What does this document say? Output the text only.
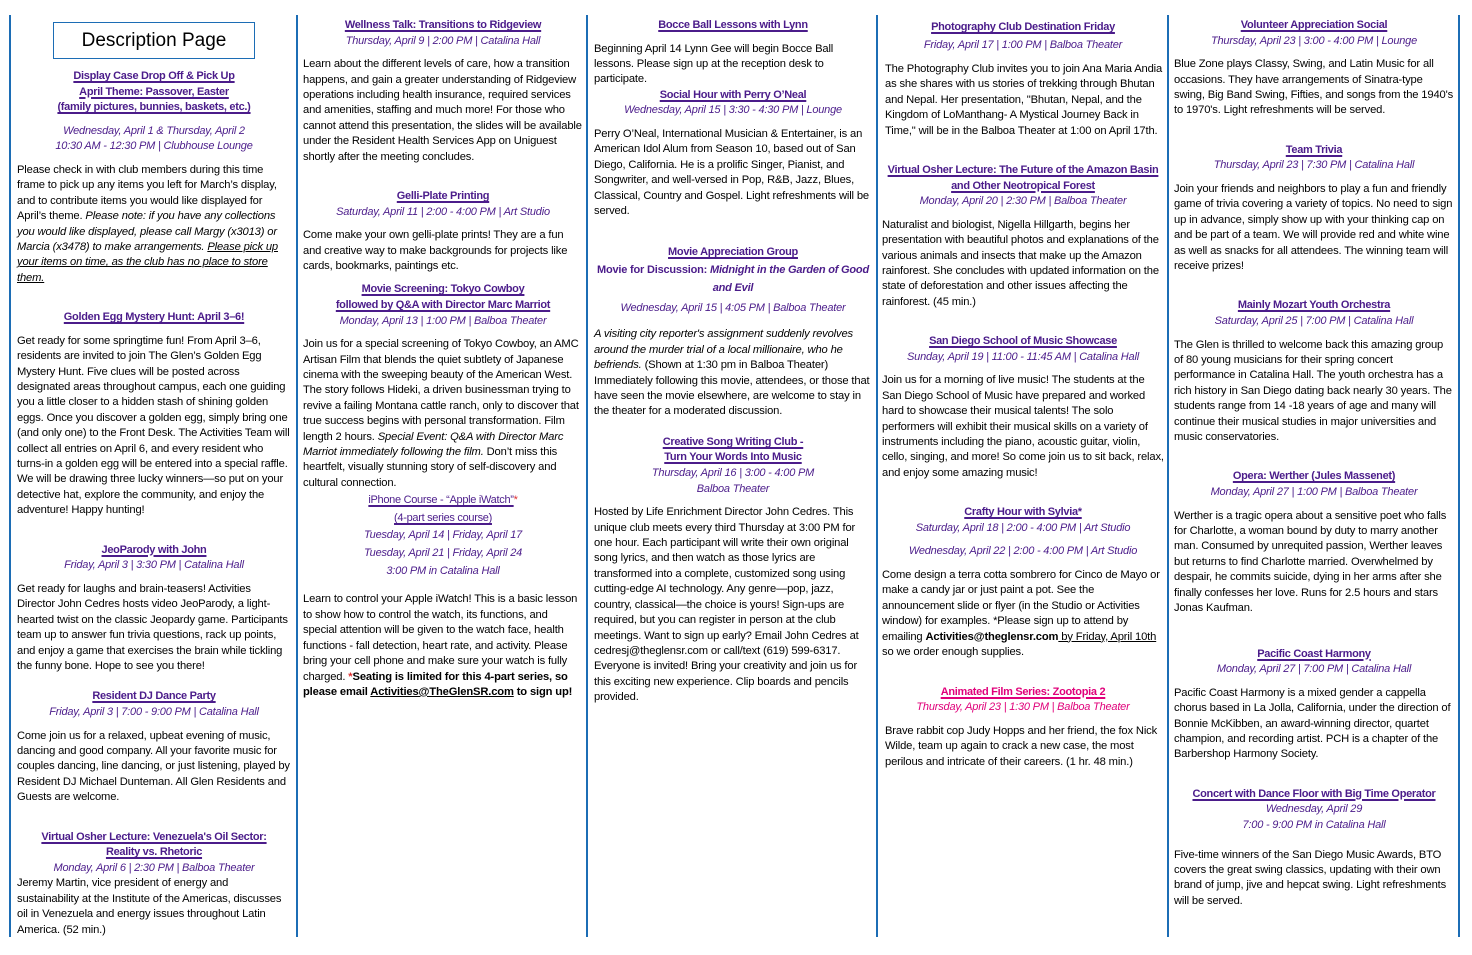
Description Page
Display Case Drop Off & Pick Up
April Theme: Passover, Easter
(family pictures, bunnies, baskets, etc.)
Wednesday, April 1 & Thursday, April 2
10:30 AM - 12:30 PM | Clubhouse Lounge
Please check in with club members during this time frame to pick up any items you left for March’s display, and to contribute items you would like displayed for April’s theme. Please note: if you have any collections you would like displayed, please call Margy (x3013) or Marcia (x3478) to make arrangements. Please pick up your items on time, as the club has no place to store them.
Golden Egg Mystery Hunt: April 3–6!
Get ready for some springtime fun! From April 3–6, residents are invited to join The Glen’s Golden Egg Mystery Hunt. Five clues will be posted across designated areas throughout campus, each one guiding you a little closer to a hidden stash of shining golden eggs. Once you discover a golden egg, simply bring one (and only one) to the Front Desk. The Activities Team will collect all entries on April 6, and every resident who turns-in a golden egg will be entered into a special raffle. We will be drawing three lucky winners—so put on your detective hat, explore the community, and enjoy the adventure! Happy hunting!
JeoParody with John
Friday, April 3 | 3:30 PM | Catalina Hall
Get ready for laughs and brain-teasers! Activities Director John Cedres hosts video JeoParody, a light-hearted twist on the classic Jeopardy game. Participants team up to answer fun trivia questions, rack up points, and enjoy a game that exercises the brain while tickling the funny bone. Hope to see you there!
Resident DJ Dance Party
Friday, April 3 | 7:00 - 9:00 PM | Catalina Hall
Come join us for a relaxed, upbeat evening of music, dancing and good company. All your favorite music for couples dancing, line dancing, or just listening, played by Resident DJ Michael Dunteman. All Glen Residents and Guests are welcome.
Virtual Osher Lecture: Venezuela's Oil Sector:
Reality vs. Rhetoric
Monday, April 6 | 2:30 PM | Balboa Theater
Jeremy Martin, vice president of energy and sustainability at the Institute of the Americas, discusses oil in Venezuela and energy issues throughout Latin America. (52 min.)
Wellness Talk: Transitions to Ridgeview
Thursday, April 9 | 2:00 PM | Catalina Hall
Learn about the different levels of care, how a transition happens, and gain a greater understanding of Ridgeview operations including health insurance, required services and amenities, staffing and much more! For those who cannot attend this presentation, the slides will be available under the Resident Health Services App on Uniguest shortly after the meeting concludes.
Gelli-Plate Printing
Saturday, April 11 | 2:00 - 4:00 PM | Art Studio
Come make your own gelli-plate prints! They are a fun and creative way to make backgrounds for projects like cards, bookmarks, paintings etc.
Movie Screening: Tokyo Cowboy
followed by Q&A with Director Marc Marriot
Monday, April 13 | 1:00 PM | Balboa Theater
Join us for a special screening of Tokyo Cowboy, an AMC Artisan Film that blends the quiet subtlety of Japanese cinema with the sweeping beauty of the American West. The story follows Hideki, a driven businessman trying to revive a failing Montana cattle ranch, only to discover that true success begins with personal transformation. Film length 2 hours. Special Event: Q&A with Director Marc Marriot immediately following the film. Don’t miss this heartfelt, visually stunning story of self-discovery and cultural connection.
iPhone Course - “Apple iWatch”*
(4-part series course)
Tuesday, April 14 | Friday, April 17
Tuesday, April 21 | Friday, April 24
3:00 PM in Catalina Hall
Learn to control your Apple iWatch! This is a basic lesson to show how to control the watch, its functions, and special attention will be given to the watch face, health functions - fall detection, heart rate, and activity. Please bring your cell phone and make sure your watch is fully charged. *Seating is limited for this 4-part series, so please email Activities@TheGlenSR.com to sign up!
Bocce Ball Lessons with Lynn
Beginning April 14 Lynn Gee will begin Bocce Ball lessons. Please sign up at the reception desk to participate.
Social Hour with Perry O’Neal
Wednesday, April 15 | 3:30 - 4:30 PM | Lounge
Perry O’Neal, International Musician & Entertainer, is an American Idol Alum from Season 10, based out of San Diego, California. He is a prolific Singer, Pianist, and Songwriter, and well-versed in Pop, R&B, Jazz, Blues, Classical, Country and Gospel. Light refreshments will be served.
Movie Appreciation Group
Movie for Discussion: Midnight in the Garden of Good and Evil
Wednesday, April 15 | 4:05 PM | Balboa Theater
A visiting city reporter's assignment suddenly revolves around the murder trial of a local millionaire, who he befriends. (Shown at 1:30 pm in Balboa Theater) Immediately following this movie, attendees, or those that have seen the movie elsewhere, are welcome to stay in the theater for a moderated discussion.
Creative Song Writing Club -
Turn Your Words Into Music
Thursday, April 16 | 3:00 - 4:00 PM
Balboa Theater
Hosted by Life Enrichment Director John Cedres. This unique club meets every third Thursday at 3:00 PM for one hour. Each participant will write their own original song lyrics, and then watch as those lyrics are transformed into a complete, customized song using cutting-edge AI technology. Any genre—pop, jazz, country, classical—the choice is yours! Sign-ups are required, but you can register in person at the club meetings. Want to sign up early? Email John Cedres at cedresj@theglensr.com or call/text (619) 599-6317. Everyone is invited! Bring your creativity and join us for this exciting new experience. Clip boards and pencils provided.
Photography Club Destination Friday
Friday, April 17 | 1:00 PM | Balboa Theater
The Photography Club invites you to join Ana Maria Andia as she shares with us stories of trekking through Bhutan and Nepal. Her presentation, "Bhutan, Nepal, and the Kingdom of LoManthang- A Mystical Journey Back in Time," will be in the Balboa Theater at 1:00 on April 17th.
Virtual Osher Lecture: The Future of the Amazon Basin
and Other Neotropical Forest
Monday, April 20 | 2:30 PM | Balboa Theater
Naturalist and biologist, Nigella Hillgarth, begins her presentation with beautiful photos and explanations of the various animals and insects that make up the Amazon rainforest. She concludes with updated information on the state of deforestation and other issues affecting the rainforest. (45 min.)
San Diego School of Music Showcase
Sunday, April 19 | 11:00 - 11:45 AM | Catalina Hall
Join us for a morning of live music! The students at the San Diego School of Music have prepared and worked hard to showcase their musical talents! The solo performers will exhibit their musical skills on a variety of instruments including the piano, acoustic guitar, violin, cello, singing, and more! So come join us to sit back, relax, and enjoy some amazing music!
Crafty Hour with Sylvia*
Saturday, April 18 | 2:00 - 4:00 PM | Art Studio
Wednesday, April 22 | 2:00 - 4:00 PM | Art Studio
Come design a terra cotta sombrero for Cinco de Mayo or make a candy jar or just paint a pot. See the announcement slide or flyer (in the Studio or Activities window) for examples. *Please sign up to attend by emailing Activities@theglensr.com by Friday, April 10th so we order enough supplies.
Animated Film Series: Zootopia 2
Thursday, April 23 | 1:30 PM | Balboa Theater
Brave rabbit cop Judy Hopps and her friend, the fox Nick Wilde, team up again to crack a new case, the most perilous and intricate of their careers. (1 hr. 48 min.)
Volunteer Appreciation Social
Thursday, April 23 | 3:00 - 4:00 PM | Lounge
Blue Zone plays Classy, Swing, and Latin Music for all occasions. They have arrangements of Sinatra-type swing, Big Band Swing, Fifties, and songs from the 1940's to 1970's. Light refreshments will be served.
Team Trivia
Thursday, April 23 | 7:30 PM | Catalina Hall
Join your friends and neighbors to play a fun and friendly game of trivia covering a variety of topics. No need to sign up in advance, simply show up with your thinking cap on and be part of a team. We will provide red and white wine as well as snacks for all attendees. The winning team will receive prizes!
Mainly Mozart Youth Orchestra
Saturday, April 25 | 7:00 PM | Catalina Hall
The Glen is thrilled to welcome back this amazing group of 80 young musicians for their spring concert performance in Catalina Hall. The youth orchestra has a rich history in San Diego dating back nearly 30 years. The students range from 14 -18 years of age and many will continue their musical studies in major universities and music conservatories.
Opera: Werther (Jules Massenet)
Monday, April 27 | 1:00 PM | Balboa Theater
Werther is a tragic opera about a sensitive poet who falls for Charlotte, a woman bound by duty to marry another man. Consumed by unrequited passion, Werther leaves but returns to find Charlotte married. Overwhelmed by despair, he commits suicide, dying in her arms after she finally confesses her love. Runs for 2.5 hours and stars Jonas Kaufman.
Pacific Coast Harmony
Monday, April 27 | 7:00 PM | Catalina Hall
Pacific Coast Harmony is a mixed gender a cappella chorus based in La Jolla, California, under the direction of Bonnie McKibben, an award-winning director, quartet champion, and recording artist. PCH is a chapter of the Barbershop Harmony Society.
Concert with Dance Floor with Big Time Operator
Wednesday, April 29
7:00 - 9:00 PM in Catalina Hall
Five-time winners of the San Diego Music Awards, BTO covers the great swing classics, updating with their own brand of jump, jive and hepcat swing. Light refreshments will be served.
